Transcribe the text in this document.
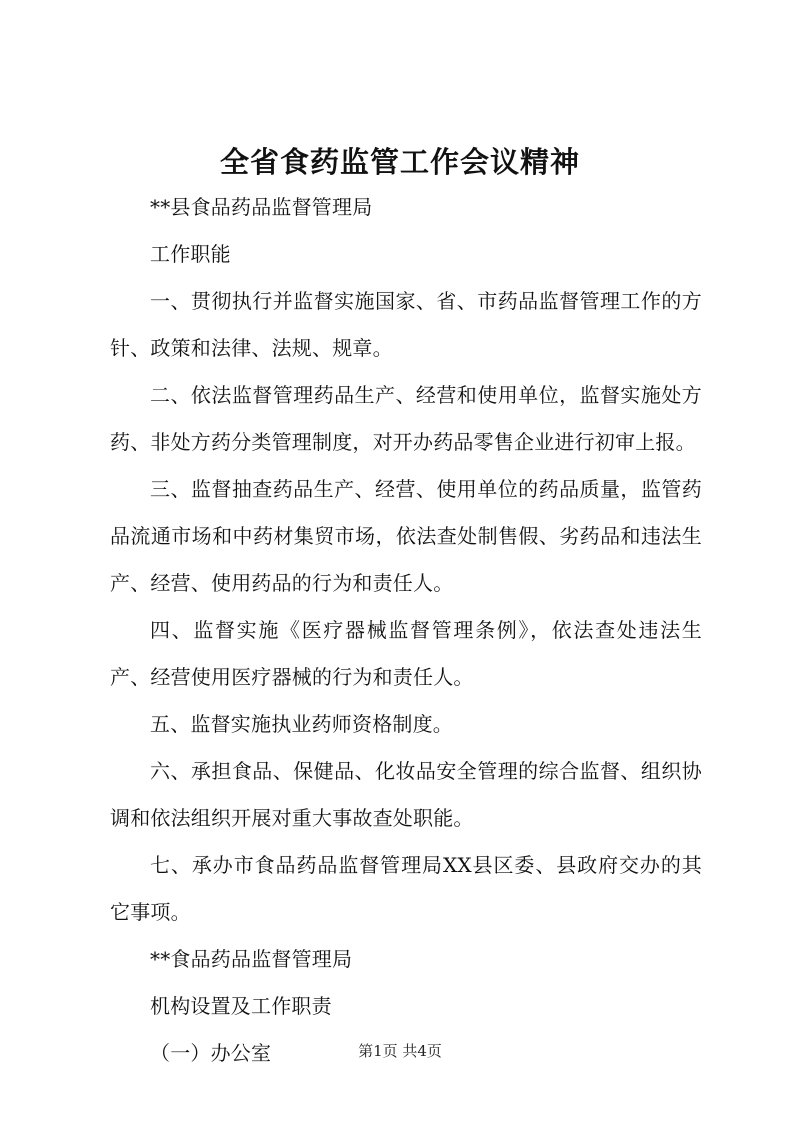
全省食药监管工作会议精神

**县食品药品监督管理局

工作职能

一、贯彻执行并监督实施国家、省、市药品监督管理工作的方针、政策和法律、法规、规章。

二、依法监督管理药品生产、经营和使用单位，监督实施处方药、非处方药分类管理制度，对开办药品零售企业进行初审上报。

三、监督抽查药品生产、经营、使用单位的药品质量，监管药品流通市场和中药材集贸市场，依法查处制售假、劣药品和违法生产、经营、使用药品的行为和责任人。

四、监督实施《医疗器械监督管理条例》，依法查处违法生产、经营使用医疗器械的行为和责任人。

五、监督实施执业药师资格制度。

六、承担食品、保健品、化妆品安全管理的综合监督、组织协调和依法组织开展对重大事故查处职能。

七、承办市食品药品监督管理局XX县区委、县政府交办的其它事项。

**食品药品监督管理局

机构设置及工作职责

（一）办公室	第1页 共4页
